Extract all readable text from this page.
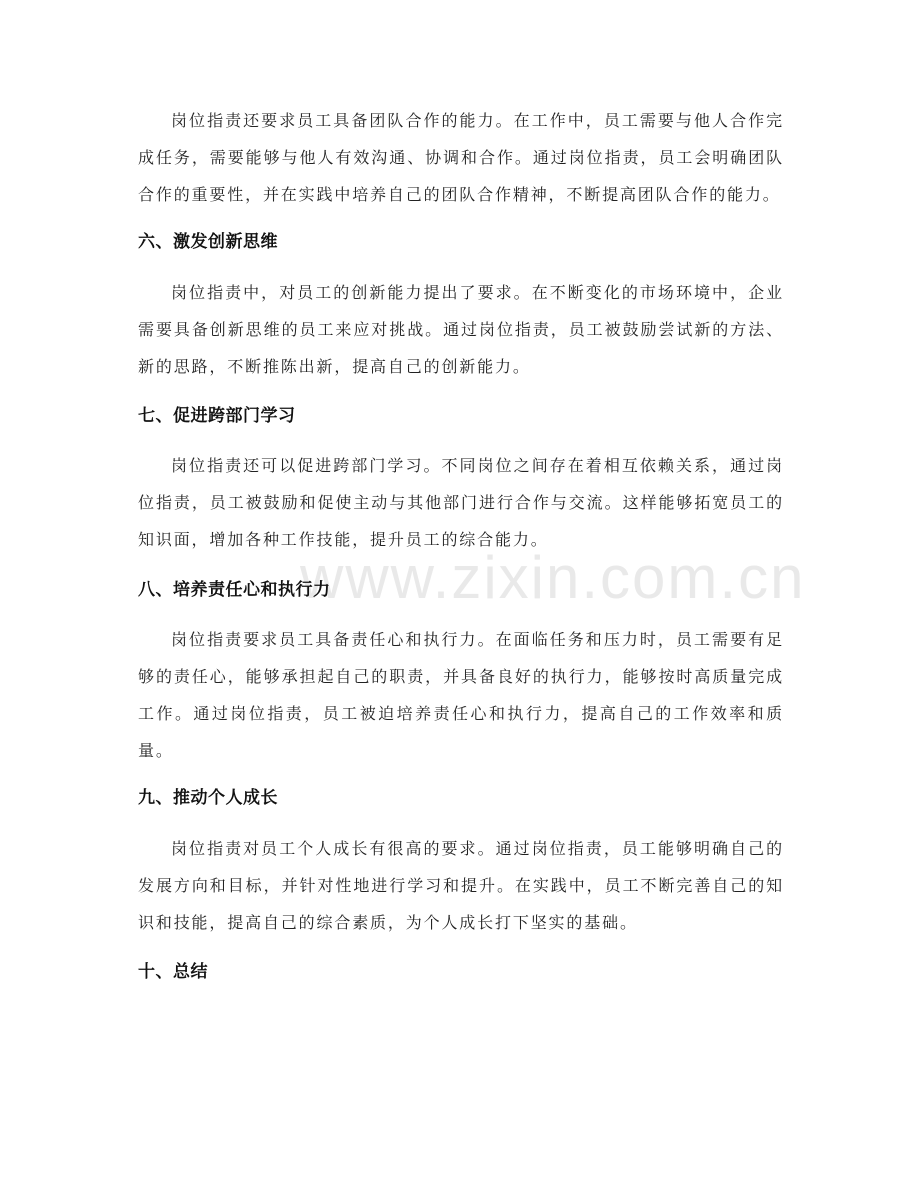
www.zixin.com.cn

岗位指责还要求员工具备团队合作的能力。在工作中，员工需要与他人合作完成任务，需要能够与他人有效沟通、协调和合作。通过岗位指责，员工会明确团队合作的重要性，并在实践中培养自己的团队合作精神，不断提高团队合作的能力。

六、激发创新思维

岗位指责中，对员工的创新能力提出了要求。在不断变化的市场环境中，企业需要具备创新思维的员工来应对挑战。通过岗位指责，员工被鼓励尝试新的方法、新的思路，不断推陈出新，提高自己的创新能力。

七、促进跨部门学习

岗位指责还可以促进跨部门学习。不同岗位之间存在着相互依赖关系，通过岗位指责，员工被鼓励和促使主动与其他部门进行合作与交流。这样能够拓宽员工的知识面，增加各种工作技能，提升员工的综合能力。

八、培养责任心和执行力

岗位指责要求员工具备责任心和执行力。在面临任务和压力时，员工需要有足够的责任心，能够承担起自己的职责，并具备良好的执行力，能够按时高质量完成工作。通过岗位指责，员工被迫培养责任心和执行力，提高自己的工作效率和质量。

九、推动个人成长

岗位指责对员工个人成长有很高的要求。通过岗位指责，员工能够明确自己的发展方向和目标，并针对性地进行学习和提升。在实践中，员工不断完善自己的知识和技能，提高自己的综合素质，为个人成长打下坚实的基础。

十、总结
